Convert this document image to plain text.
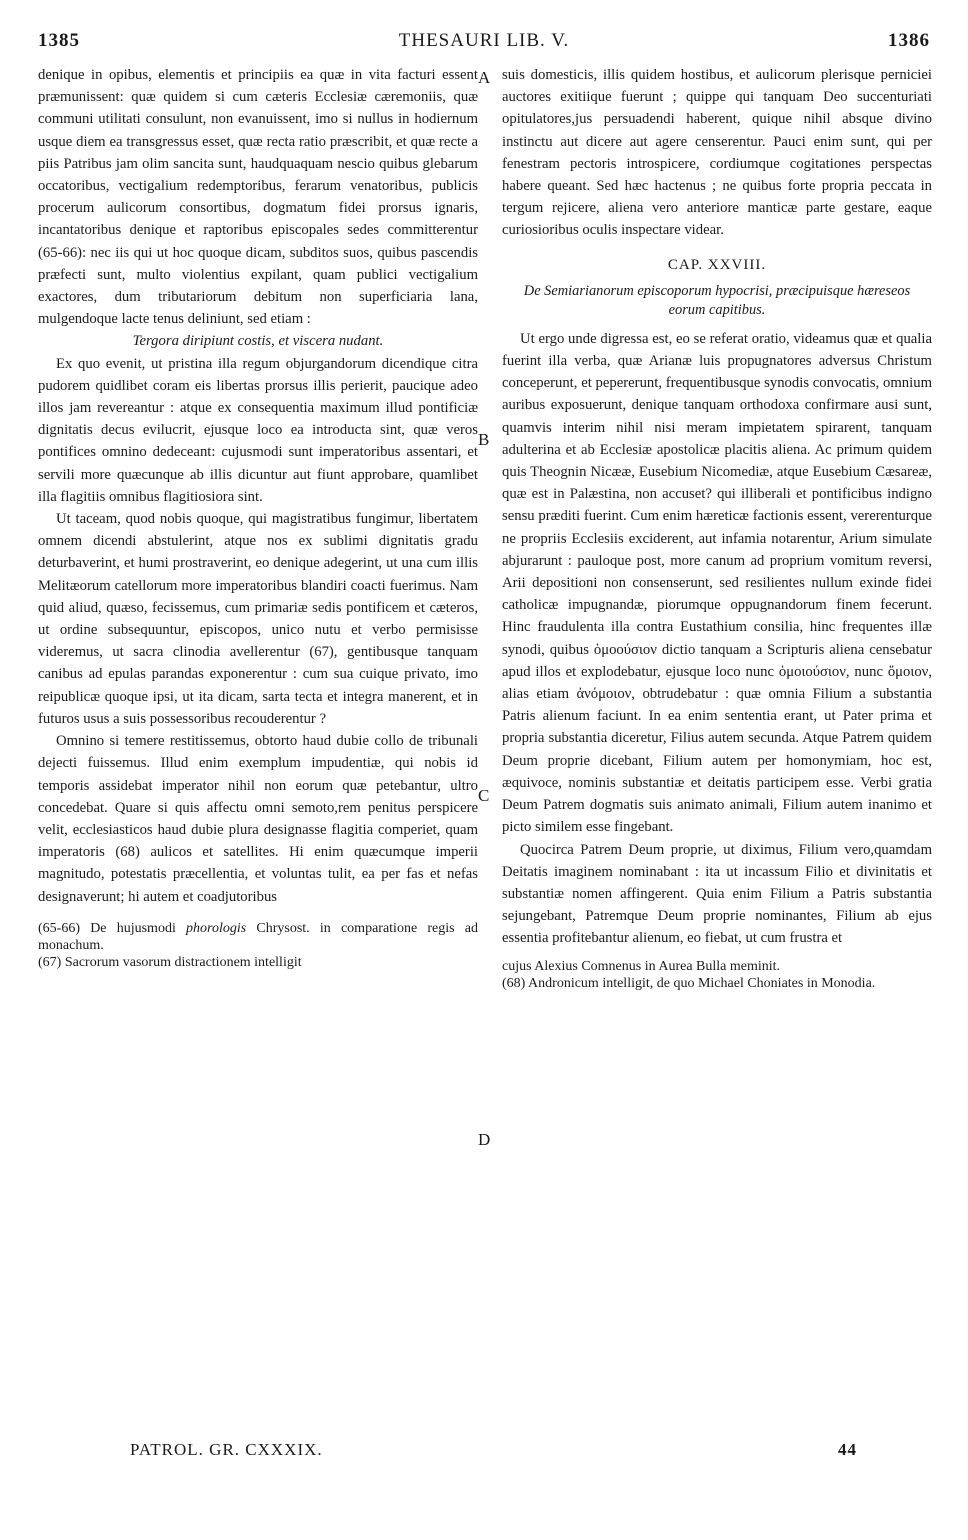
1385	THESAURI LIB. V.	1386
A
B
C
D

denique in opibus, elementis et principiis ea quæ in vita facturi essent præmunissent: quæ quidem si cum cæteris Ecclesiæ cæremoniis, quæ communi utilitati consulunt, non evanuissent, imo si nullus in hodiernum usque diem ea transgressus esset, quæ recta ratio præscribit, et quæ recte a piis Patribus jam olim sancita sunt, haudquaquam nescio quibus glebarum occatoribus, vectigalium redemptoribus, ferarum venatoribus, publicis procerum aulicorum consortibus, dogmatum fidei prorsus ignaris, incantatoribus denique et raptoribus episcopales sedes committerentur (65-66): nec iis qui ut hoc quoque dicam, subditos suos, quibus pascendis præfecti sunt, multo violentius expilant, quam publici vectigalium exactores, dum tributariorum debitum non superficiaria lana, mulgendoque lacte tenus deliniunt, sed etiam :

Tergora diripiunt costis, et viscera nudant.

Ex quo evenit, ut pristina illa regum objurgandorum dicendique citra pudorem quidlibet coram eis libertas prorsus illis perierit, paucique adeo illos jam revereantur : atque ex consequentia maximum illud pontificiæ dignitatis decus evilucrit, ejusque loco ea introducta sint, quæ veros pontifices omnino dedeceant: cujusmodi sunt imperatoribus assentari, et servili more quæcunque ab illis dicuntur aut fiunt approbare, quamlibet illa flagitiis omnibus flagitiosiora sint.

Ut taceam, quod nobis quoque, qui magistratibus fungimur, libertatem omnem dicendi abstulerint, atque nos ex sublimi dignitatis gradu deturbaverint, et humi prostraverint, eo denique adegerint, ut una cum illis Melitæorum catellorum more imperatoribus blandiri coacti fuerimus. Nam quid aliud, quæso, fecissemus, cum primariæ sedis pontificem et cæteros, ut ordine subsequuntur, episcopos, unico nutu et verbo permisisse videremus, ut sacra clinodia avellerentur (67), gentibusque tanquam canibus ad epulas parandas exponerentur : cum sua cuique privato, imo reipublicæ quoque ipsi, ut ita dicam, sarta tecta et integra manerent, et in futuros usus a suis possessoribus recouderentur ?

Omnino si temere restitissemus, obtorto haud dubie collo de tribunali dejecti fuissemus. Illud enim exemplum impudentiæ, qui nobis id temporis assidebat imperator nihil non eorum quæ petebantur, ultro concedebat. Quare si quis affectu omni semoto,rem penitus perspicere velit, ecclesiasticos haud dubie plura designasse flagitia comperiet, quam imperatoris (68) aulicos et satellites. Hi enim quæcumque imperii magnitudo, potestatis præcellentia, et voluntas tulit, ea per fas et nefas designaverunt; hi autem et coadjutoribus

(65-66) De hujusmodi phorologis Chrysost. in comparatione regis ad monachum.
(67) Sacrorum vasorum distractionem intelligit

suis domesticis, illis quidem hostibus, et aulicorum plerisque perniciei auctores exitiique fuerunt ; quippe qui tanquam Deo succenturiati opitulatores,jus persuadendi haberent, quique nihil absque divino instinctu aut dicere aut agere censerentur. Pauci enim sunt, qui per fenestram pectoris introspicere, cordiumque cogitationes perspectas habere queant. Sed hæc hactenus ; ne quibus forte propria peccata in tergum rejicere, aliena vero anteriore manticæ parte gestare, eaque curiosioribus oculis inspectare videar.

CAP. XXVIII.
De Semiarianorum episcoporum hypocrisi, præcipuisque hæreseos eorum capitibus.

Ut ergo unde digressa est, eo se referat oratio, videamus quæ et qualia fuerint illa verba, quæ Arianæ luis propugnatores adversus Christum conceperunt, et pepererunt, frequentibusque synodis convocatis, omnium auribus exposuerunt, denique tanquam orthodoxa confirmare ausi sunt, quamvis interim nihil nisi meram impietatem spirarent, tanquam adulterina et ab Ecclesiæ apostolicæ placitis aliena. Ac primum quidem quis Theognin Nicææ, Eusebium Nicomediæ, atque Eusebium Cæsareæ, quæ est in Palæstina, non accuset? qui illiberali et pontificibus indigno sensu præditi fuerint. Cum enim hæreticæ factionis essent, vererenturque ne propriis Ecclesiis exciderent, aut infamia notarentur, Arium simulate abjurarunt : pauloque post, more canum ad proprium vomitum reversi, Arii depositioni non consenserunt, sed resilientes nullum exinde fidei catholicæ impugnandæ, piorumque oppugnandorum finem fecerunt. Hinc fraudulenta illa contra Eustathium consilia, hinc frequentes illæ synodi, quibus ὁμοούσιον dictio tanquam a Scripturis aliena censebatur apud illos et explodebatur, ejusque loco nunc ὁμοιούσιον, nunc ὅμοιον, alias etiam ἀνόμοιον, obtrudebatur : quæ omnia Filium a substantia Patris alienum faciunt. In ea enim sententia erant, ut Pater prima et propria substantia diceretur, Filius autem secunda. Atque Patrem quidem Deum proprie dicebant, Filium autem per homonymiam, hoc est, æquivoce, nominis substantiæ et deitatis participem esse. Verbi gratia Deum Patrem dogmatis suis animato animali, Filium autem inanimo et picto similem esse fingebant.

Quocirca Patrem Deum proprie, ut diximus, Filium vero,quamdam Deitatis imaginem nominabant : ita ut incassum Filio et divinitatis et substantiæ nomen affingerent. Quia enim Filium a Patris substantia sejungebant, Patremque Deum proprie nominantes, Filium ab ejus essentia profitebantur alienum, eo fiebat, ut cum frustra et

cujus Alexius Comnenus in Aurea Bulla meminit.
(68) Andronicum intelligit, de quo Michael Choniates in Monodia.
PATROL. GR. CXXXIX.	44
